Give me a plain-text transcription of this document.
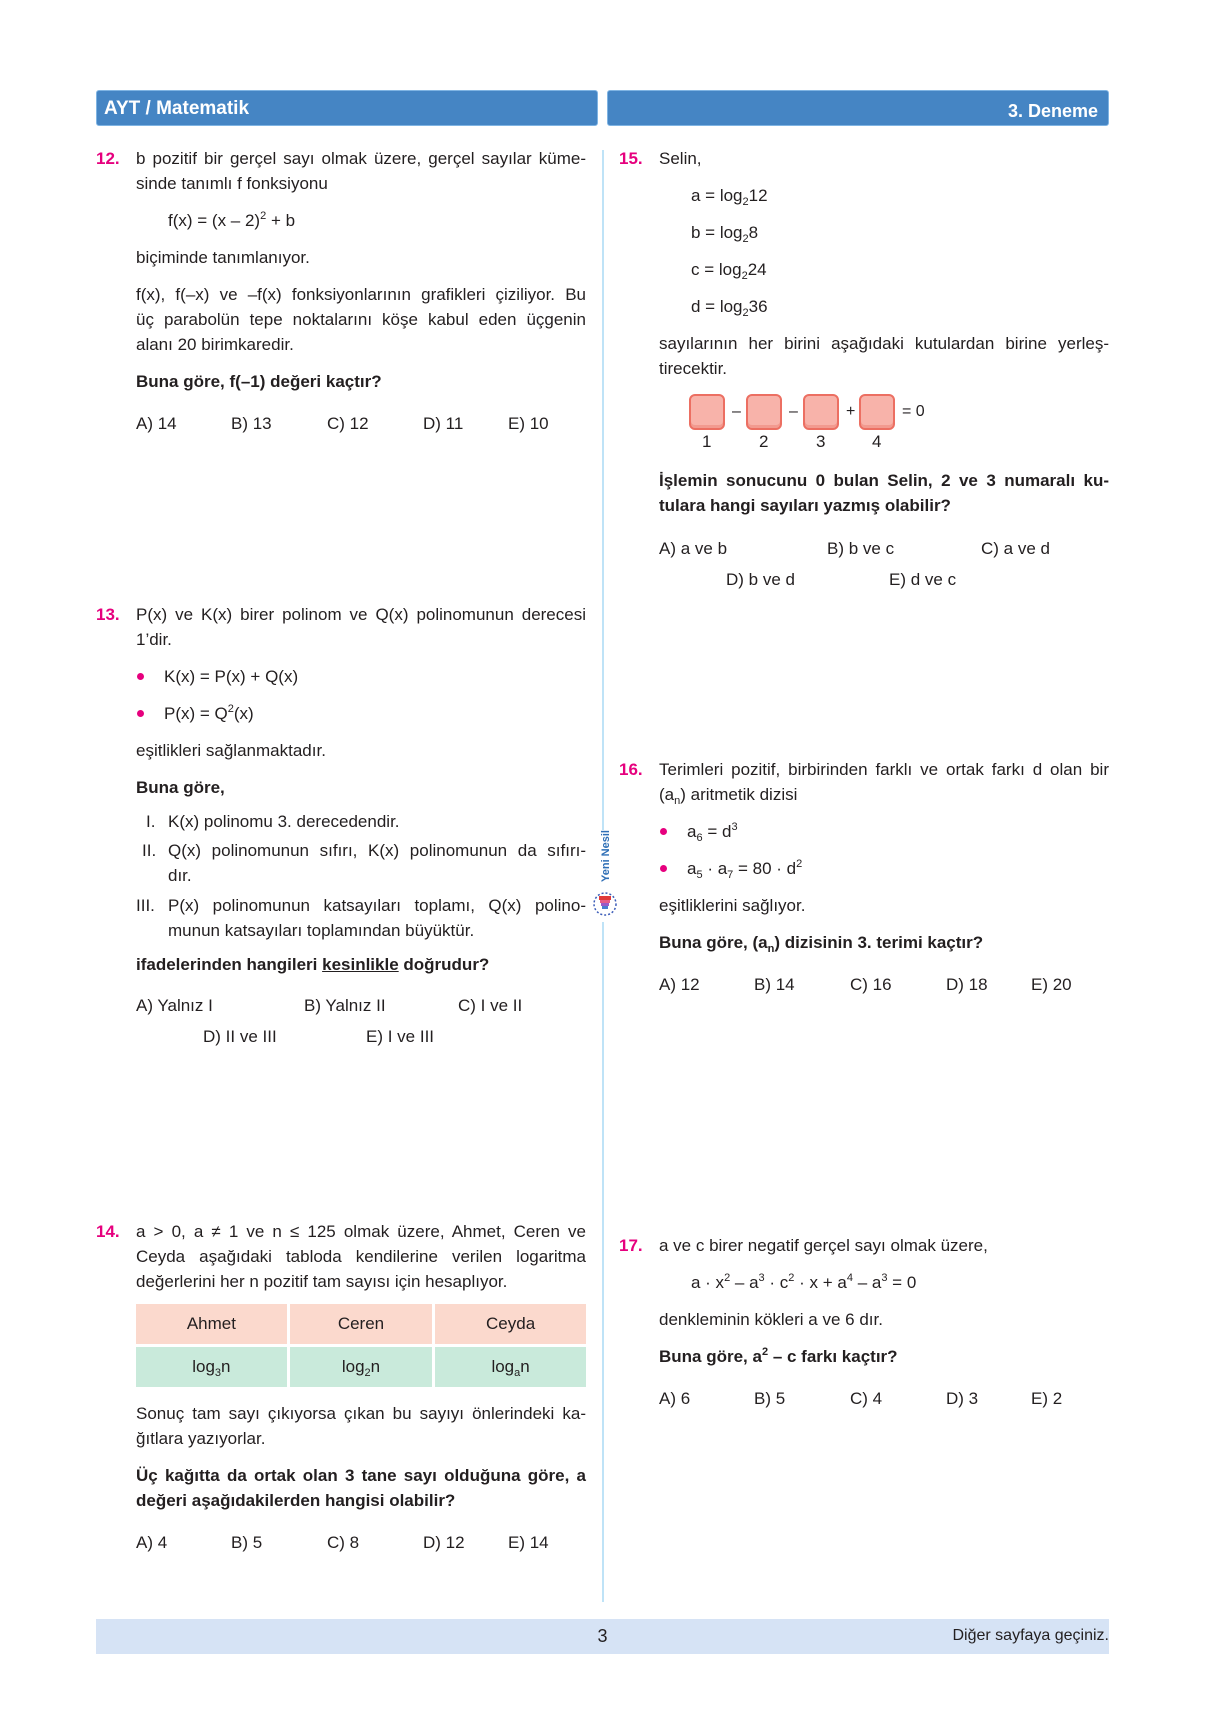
AYT / Matematik	3. Deneme
Yeni Nesil
12. b pozitif bir gerçel sayı olmak üzere, gerçel sayılar küme-
sinde tanımlı f fonksiyonu
f(x) = (x – 2)$^2$ + b
biçiminde tanımlanıyor.
f(x), f(–x) ve –f(x) fonksiyonlarının grafikleri çiziliyor. Bu
üç parabolün tepe noktalarını köşe kabul eden üçgenin
alanı 20 birimkaredir.
Buna göre, f(–1) değeri kaçtır?
A) 14	B) 13	C) 12	D) 11	E) 10
13. P(x) ve K(x) birer polinom ve Q(x) polinomunun derecesi
1’dir.
K(x) = P(x) + Q(x)
$P(x) = Q^2(x)$
eşitlikleri sağlanmaktadır.
Buna göre,
I. K(x) polinomu 3. derecedendir.
II. Q(x) polinomunun sıfırı, K(x) polinomunun da sıfırı-
dır.
III. P(x) polinomunun katsayıları toplamı, Q(x) polino-
munun katsayıları toplamından büyüktür.
ifadelerinden hangileri kesinlikle doğrudur?
A) Yalnız I	B) Yalnız II	C) I ve II
D) II ve III	E) I ve III
14. a > 0, a ≠ 1 ve n ≤ 125 olmak üzere, Ahmet, Ceren ve
Ceyda aşağıdaki tabloda kendilerine verilen logaritma
değerlerini her n pozitif tam sayısı için hesaplıyor.
Ahmet	Ceren	Ceyda
$\log_3n$	$\log_2n$	$\log_an$
Sonuç tam sayı çıkıyorsa çıkan bu sayıyı önlerindeki ka-
ğıtlara yazıyorlar.
Üç kağıtta da ortak olan 3 tane sayı olduğuna göre, a
değeri aşağıdakilerden hangisi olabilir?
A) 4	B) 5	C) 8	D) 12	E) 14
15. Selin,
$a = \log_212$
$b = \log_28$
$c = \log_224$
$d = \log_236$
sayılarının her birini aşağıdaki kutulardan birine yerleş-
tirecektir.
–	–	+	= 0
1	2	3	4
İşlemin sonucunu 0 bulan Selin, 2 ve 3 numaralı ku-
tulara hangi sayıları yazmış olabilir?
A) a ve b	B) b ve c	C) a ve d
D) b ve d	E) d ve c
16. Terimleri pozitif, birbirinden farklı ve ortak farkı d olan bir
$(a_n)$ aritmetik dizisi
$a_6 = d^3$
$a_5 \cdot a_7 = 80 \cdot d^2$
eşitliklerini sağlıyor.
Buna göre, $(a_n)$ dizisinin 3. terimi kaçtır?
A) 12	B) 14	C) 16	D) 18	E) 20
17. a ve c birer negatif gerçel sayı olmak üzere,
$a \cdot x^2 - a^3 \cdot c^2 \cdot x + a^4 - a^3 = 0$
denkleminin kökleri a ve 6 dır.
Buna göre, $a^2$ – c farkı kaçtır?
A) 6	B) 5	C) 4	D) 3	E) 2
3	Diğer sayfaya geçiniz.
